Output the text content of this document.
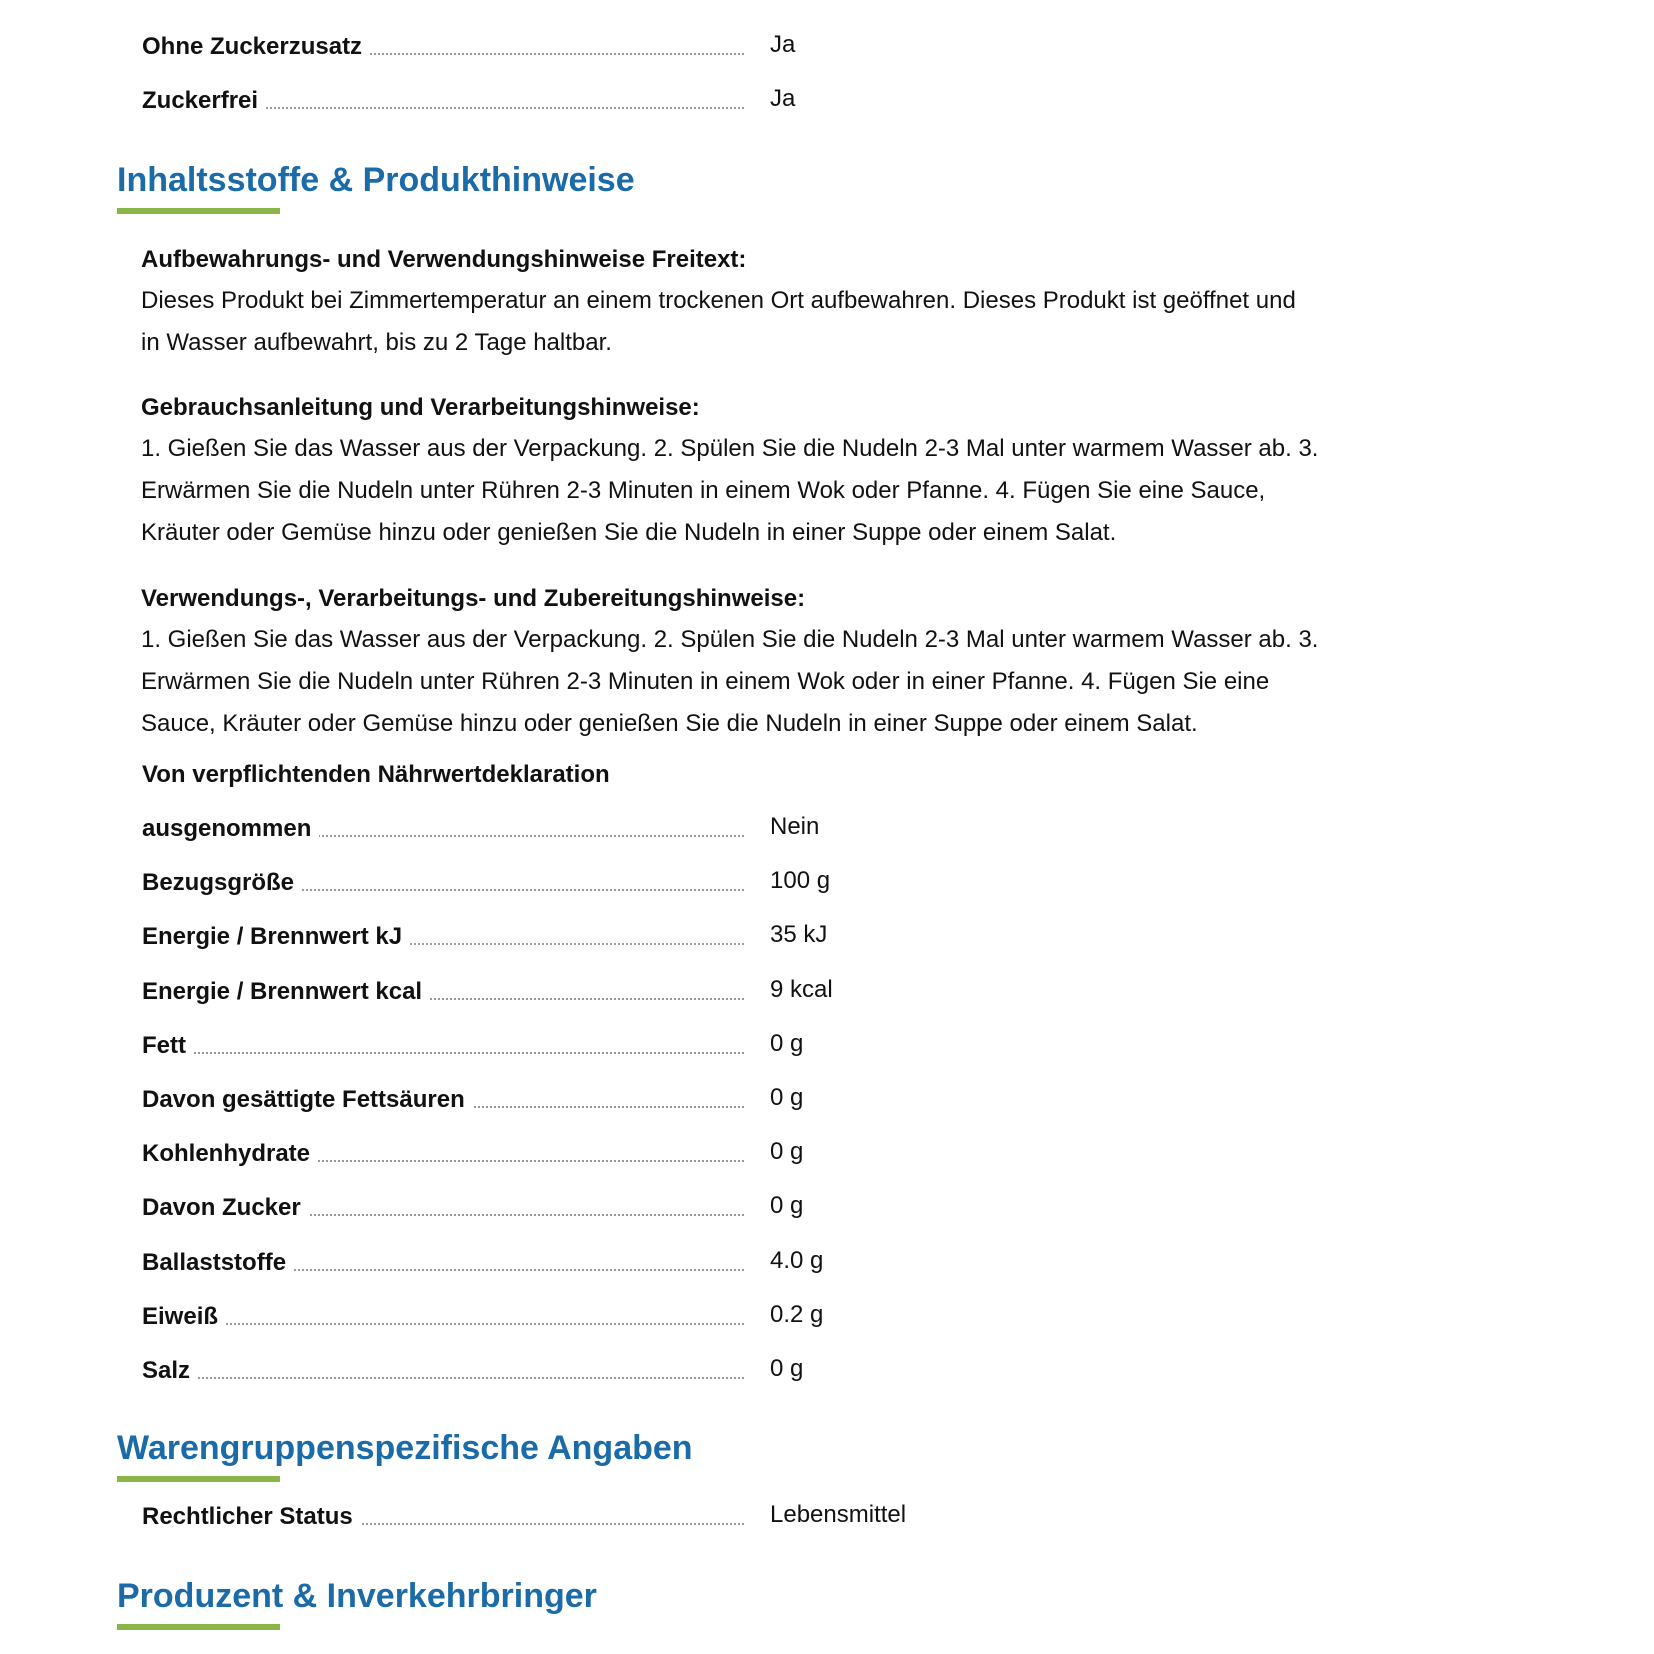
Ohne Zuckerzusatz	Ja
Zuckerfrei	Ja
Inhaltsstoffe & Produkthinweise
Aufbewahrungs- und Verwendungshinweise Freitext:
Dieses Produkt bei Zimmertemperatur an einem trockenen Ort aufbewahren. Dieses Produkt ist geöffnet und
in Wasser aufbewahrt, bis zu 2 Tage haltbar.
Gebrauchsanleitung und Verarbeitungshinweise:
1. Gießen Sie das Wasser aus der Verpackung. 2. Spülen Sie die Nudeln 2-3 Mal unter warmem Wasser ab. 3.
Erwärmen Sie die Nudeln unter Rühren 2-3 Minuten in einem Wok oder Pfanne. 4. Fügen Sie eine Sauce,
Kräuter oder Gemüse hinzu oder genießen Sie die Nudeln in einer Suppe oder einem Salat.
Verwendungs-, Verarbeitungs- und Zubereitungshinweise:
1. Gießen Sie das Wasser aus der Verpackung. 2. Spülen Sie die Nudeln 2-3 Mal unter warmem Wasser ab. 3.
Erwärmen Sie die Nudeln unter Rühren 2-3 Minuten in einem Wok oder in einer Pfanne. 4. Fügen Sie eine
Sauce, Kräuter oder Gemüse hinzu oder genießen Sie die Nudeln in einer Suppe oder einem Salat.
Von verpflichtenden Nährwertdeklaration
ausgenommen	Nein
Bezugsgröße	100 g
Energie / Brennwert kJ	35 kJ
Energie / Brennwert kcal	9 kcal
Fett	0 g
Davon gesättigte Fettsäuren	0 g
Kohlenhydrate	0 g
Davon Zucker	0 g
Ballaststoffe	4.0 g
Eiweiß	0.2 g
Salz	0 g
Warengruppenspezifische Angaben
Rechtlicher Status	Lebensmittel
Produzent & Inverkehrbringer
